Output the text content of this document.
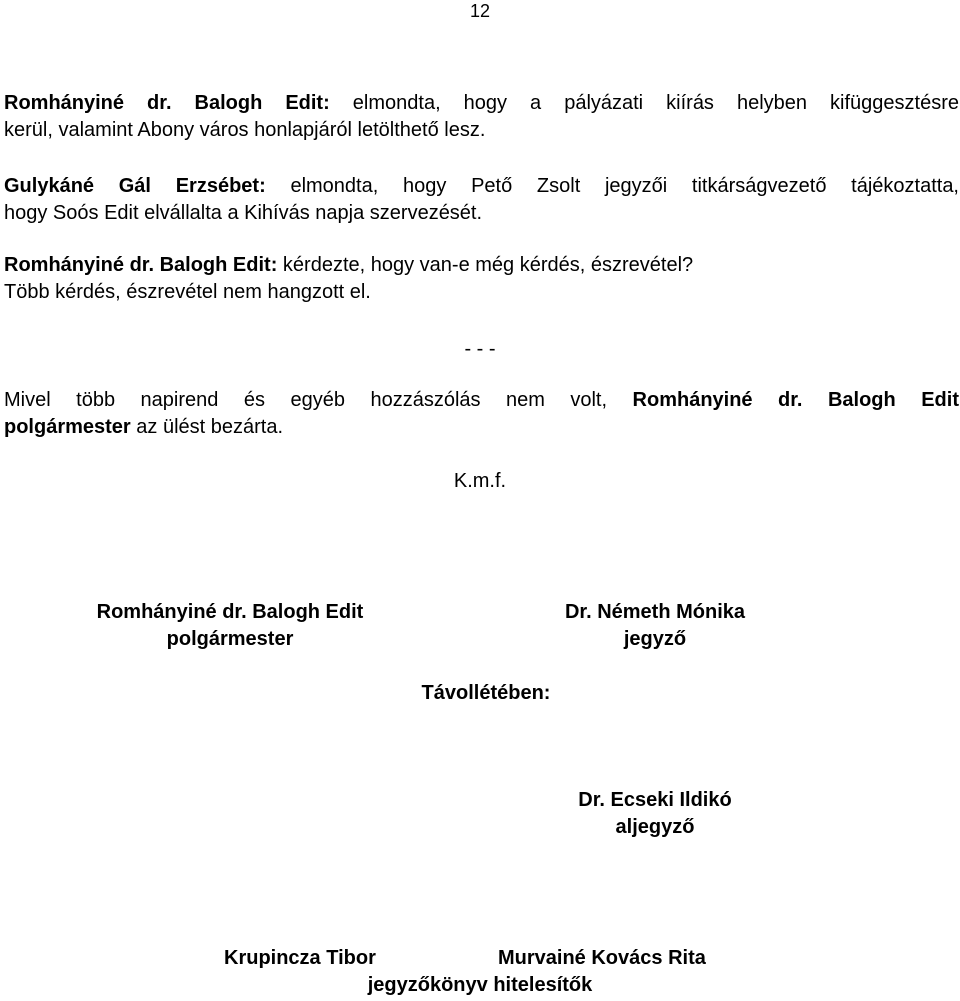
12
Romhányiné dr. Balogh Edit: elmondta, hogy a pályázati kiírás helyben kifüggesztésre
kerül, valamint Abony város honlapjáról letölthető lesz.
Gulykáné Gál Erzsébet: elmondta, hogy Pető Zsolt jegyzői titkárságvezető tájékoztatta,
hogy Soós Edit elvállalta a Kihívás napja szervezését.
Romhányiné dr. Balogh Edit: kérdezte, hogy van-e még kérdés, észrevétel?
Több kérdés, észrevétel nem hangzott el.
- - -
Mivel több napirend és egyéb hozzászólás nem volt, Romhányiné dr. Balogh Edit
polgármester az ülést bezárta.
K.m.f.
Romhányiné dr. Balogh Edit
polgármester
Dr. Németh Mónika
jegyző
Távollétében:
Dr. Ecseki Ildikó
aljegyző
Krupincza Tibor	Murvainé Kovács Rita
jegyzőkönyv hitelesítők
